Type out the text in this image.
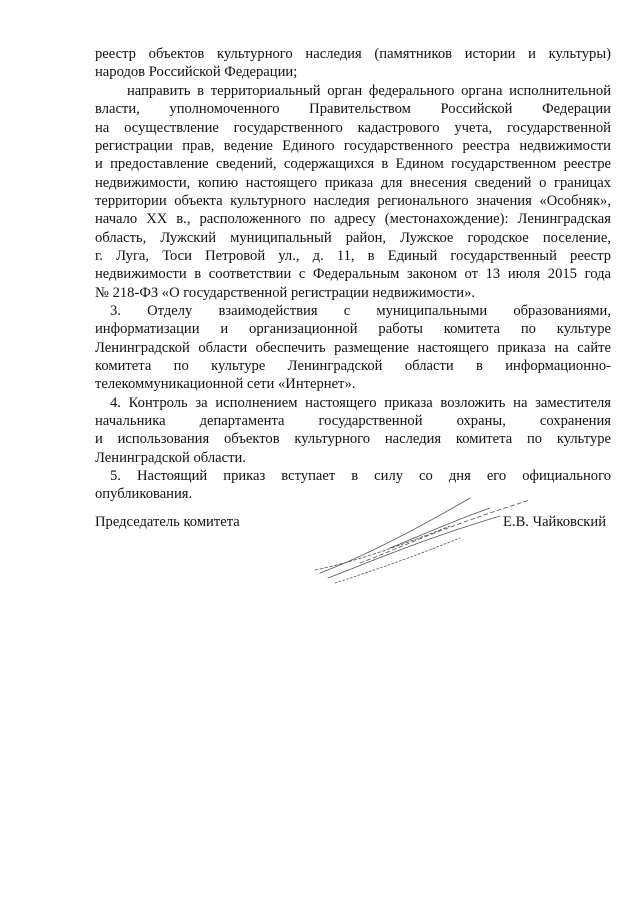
реестр объектов культурного наследия (памятников истории и культуры)
народов Российской Федерации;
направить в территориальный орган федерального органа исполнительной
власти, уполномоченного Правительством Российской Федерации
на осуществление государственного кадастрового учета, государственной
регистрации прав, ведение Единого государственного реестра недвижимости
и предоставление сведений, содержащихся в Едином государственном реестре
недвижимости, копию настоящего приказа для внесения сведений о границах
территории объекта культурного наследия регионального значения «Особняк»,
начало XX в., расположенного по адресу (местонахождение): Ленинградская
область, Лужский муниципальный район, Лужское городское поселение,
г. Луга, Тоси Петровой ул., д. 11, в Единый государственный реестр
недвижимости в соответствии с Федеральным законом от 13 июля 2015 года
№ 218-ФЗ «О государственной регистрации недвижимости».
3. Отделу взаимодействия с муниципальными образованиями,
информатизации и организационной работы комитета по культуре
Ленинградской области обеспечить размещение настоящего приказа на сайте
комитета по культуре Ленинградской области в информационно-
телекоммуникационной сети «Интернет».
4. Контроль за исполнением настоящего приказа возложить на заместителя
начальника департамента государственной охраны, сохранения
и использования объектов культурного наследия комитета по культуре
Ленинградской области.
5. Настоящий приказ вступает в силу со дня его официального
опубликования.
Председатель комитета	Е.В. Чайковский
